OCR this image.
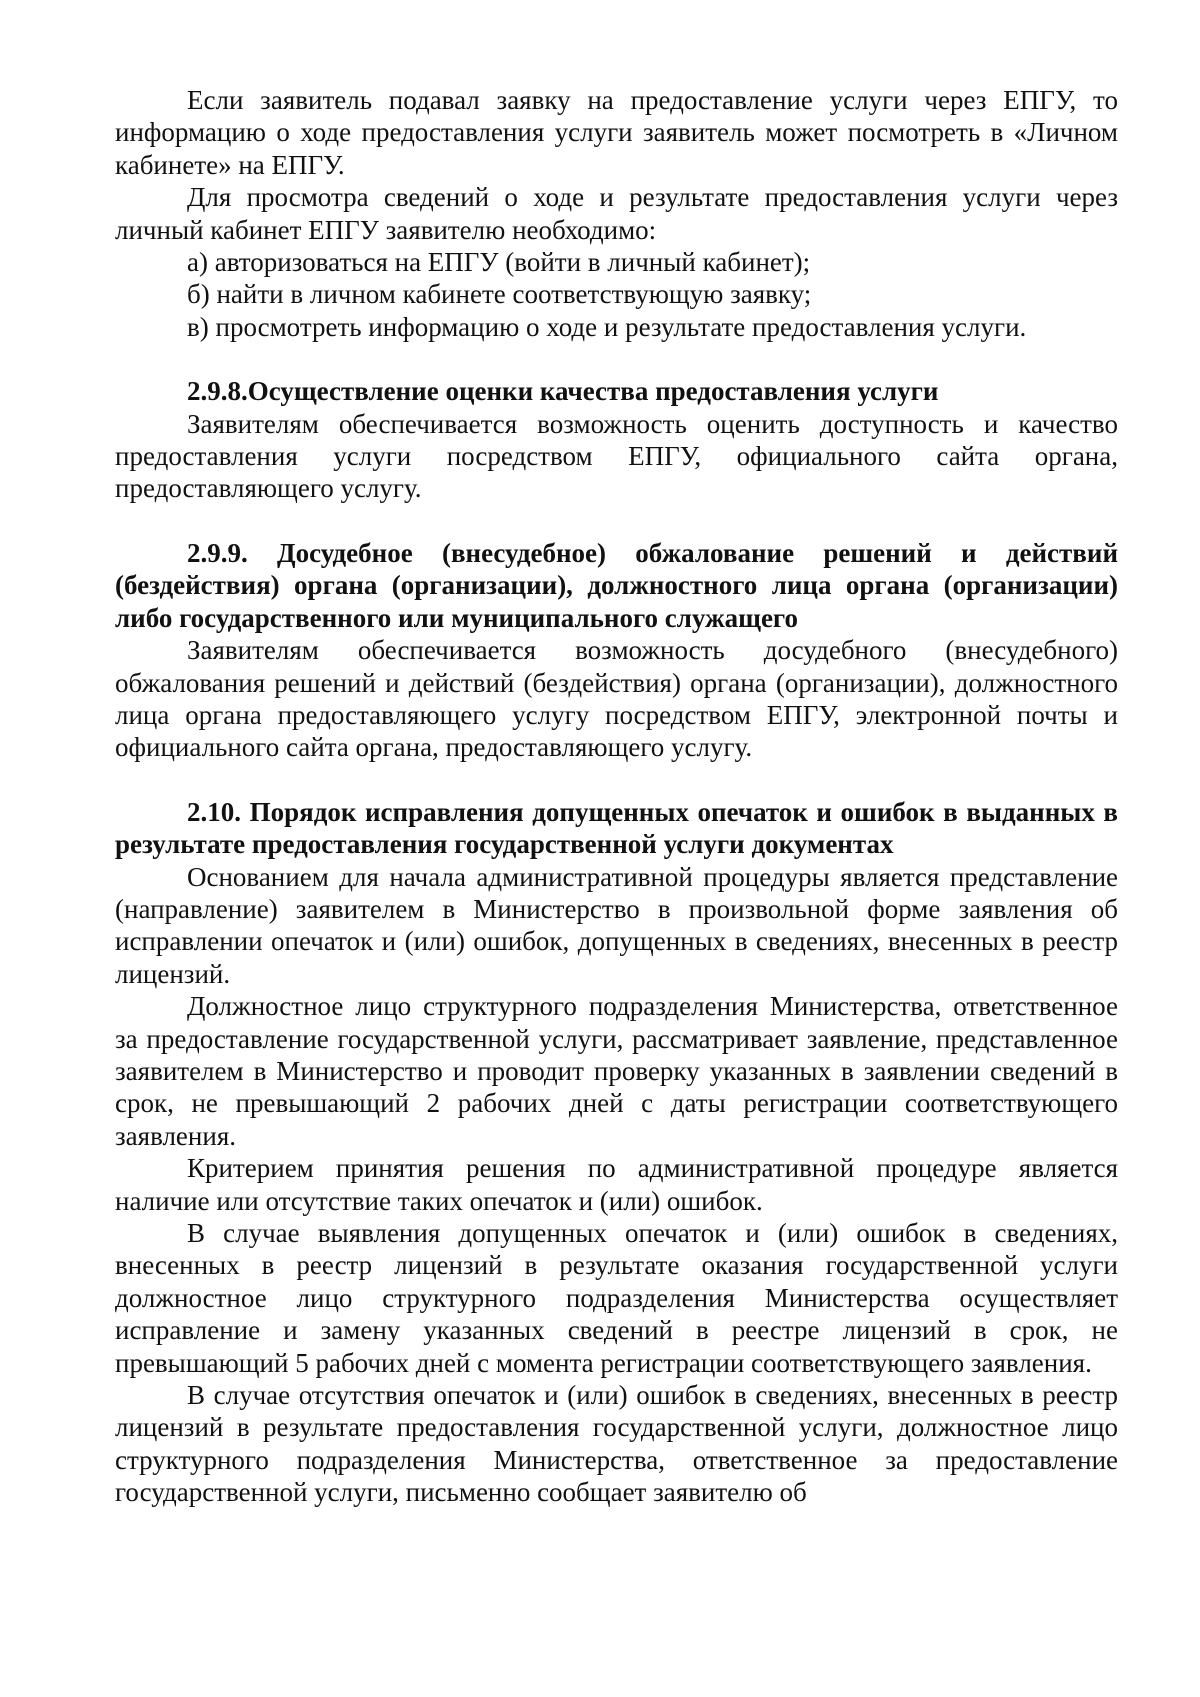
Если заявитель подавал заявку на предоставление услуги через ЕПГУ, то информацию о ходе предоставления услуги заявитель может посмотреть в «Личном кабинете» на ЕПГУ.

Для просмотра сведений о ходе и результате предоставления услуги через личный кабинет ЕПГУ заявителю необходимо:

а) авторизоваться на ЕПГУ (войти в личный кабинет);

б) найти в личном кабинете соответствующую заявку;

в) просмотреть информацию о ходе и результате предоставления услуги.

2.9.8.Осуществление оценки качества предоставления услуги

Заявителям обеспечивается возможность оценить доступность и качество предоставления услуги посредством ЕПГУ, официального сайта органа, предоставляющего услугу.

2.9.9. Досудебное (внесудебное) обжалование решений и действий (бездействия) органа (организации), должностного лица органа (организации) либо государственного или муниципального служащего

Заявителям обеспечивается возможность досудебного (внесудебного) обжалования решений и действий (бездействия) органа (организации), должностного лица органа предоставляющего услугу посредством ЕПГУ, электронной почты и официального сайта органа, предоставляющего услугу.

2.10. Порядок исправления допущенных опечаток и ошибок в выданных в результате предоставления государственной услуги документах

Основанием для начала административной процедуры является представление (направление) заявителем в Министерство в произвольной форме заявления об исправлении опечаток и (или) ошибок, допущенных в сведениях, внесенных в реестр лицензий.

Должностное лицо структурного подразделения Министерства, ответственное за предоставление государственной услуги, рассматривает заявление, представленное заявителем в Министерство и проводит проверку указанных в заявлении сведений в срок, не превышающий 2 рабочих дней с даты регистрации соответствующего заявления.

Критерием принятия решения по административной процедуре является наличие или отсутствие таких опечаток и (или) ошибок.

В случае выявления допущенных опечаток и (или) ошибок в сведениях, внесенных в реестр лицензий в результате оказания государственной услуги должностное лицо структурного подразделения Министерства осуществляет исправление и замену указанных сведений в реестре лицензий в срок, не превышающий 5 рабочих дней с момента регистрации соответствующего заявления.

В случае отсутствия опечаток и (или) ошибок в сведениях, внесенных в реестр лицензий в результате предоставления государственной услуги, должностное лицо структурного подразделения Министерства, ответственное за предоставление государственной услуги, письменно сообщает заявителю об
